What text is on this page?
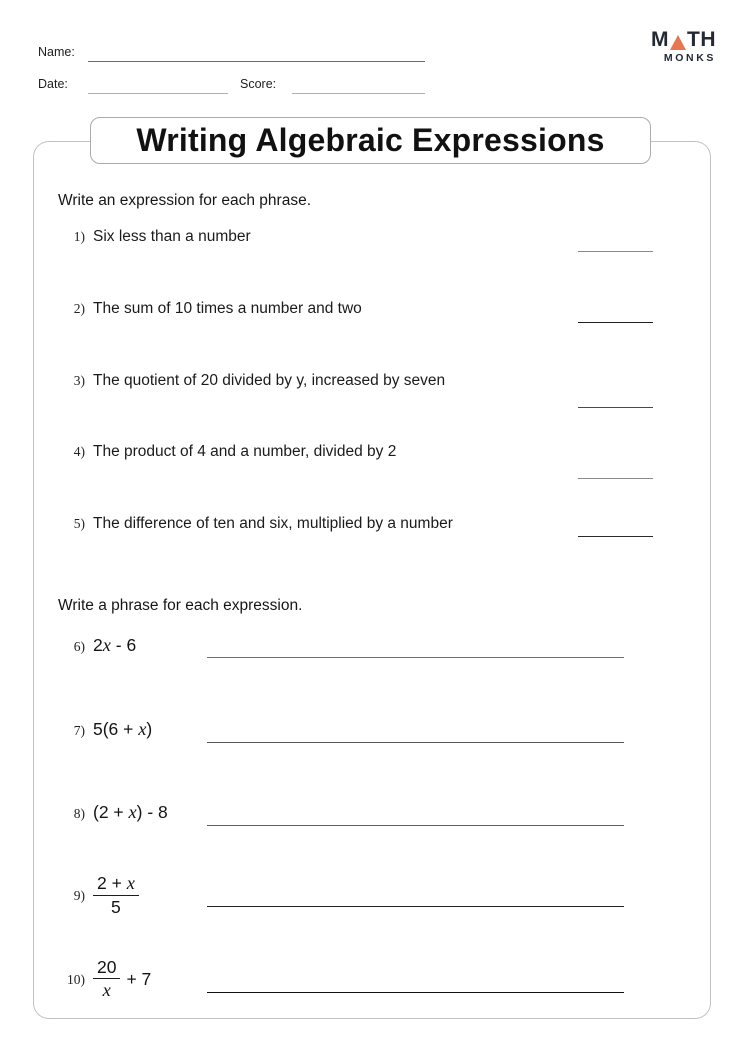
Name:
Date:	Score:
M TH
MONKS
Writing Algebraic Expressions
Write an expression for each phrase.
1) Six less than a number
2) The sum of 10 times a number and two
3) The quotient of 20 divided by y, increased by seven
4) The product of 4 and a number, divided by 2
5) The difference of ten and six, multiplied by a number
Write a phrase for each expression.
6) 2x - 6
7) 5(6 + x)
8) (2 + x) - 8
$9) \frac{2 + x}{5}$
$10) \frac{20}{x} + 7$
